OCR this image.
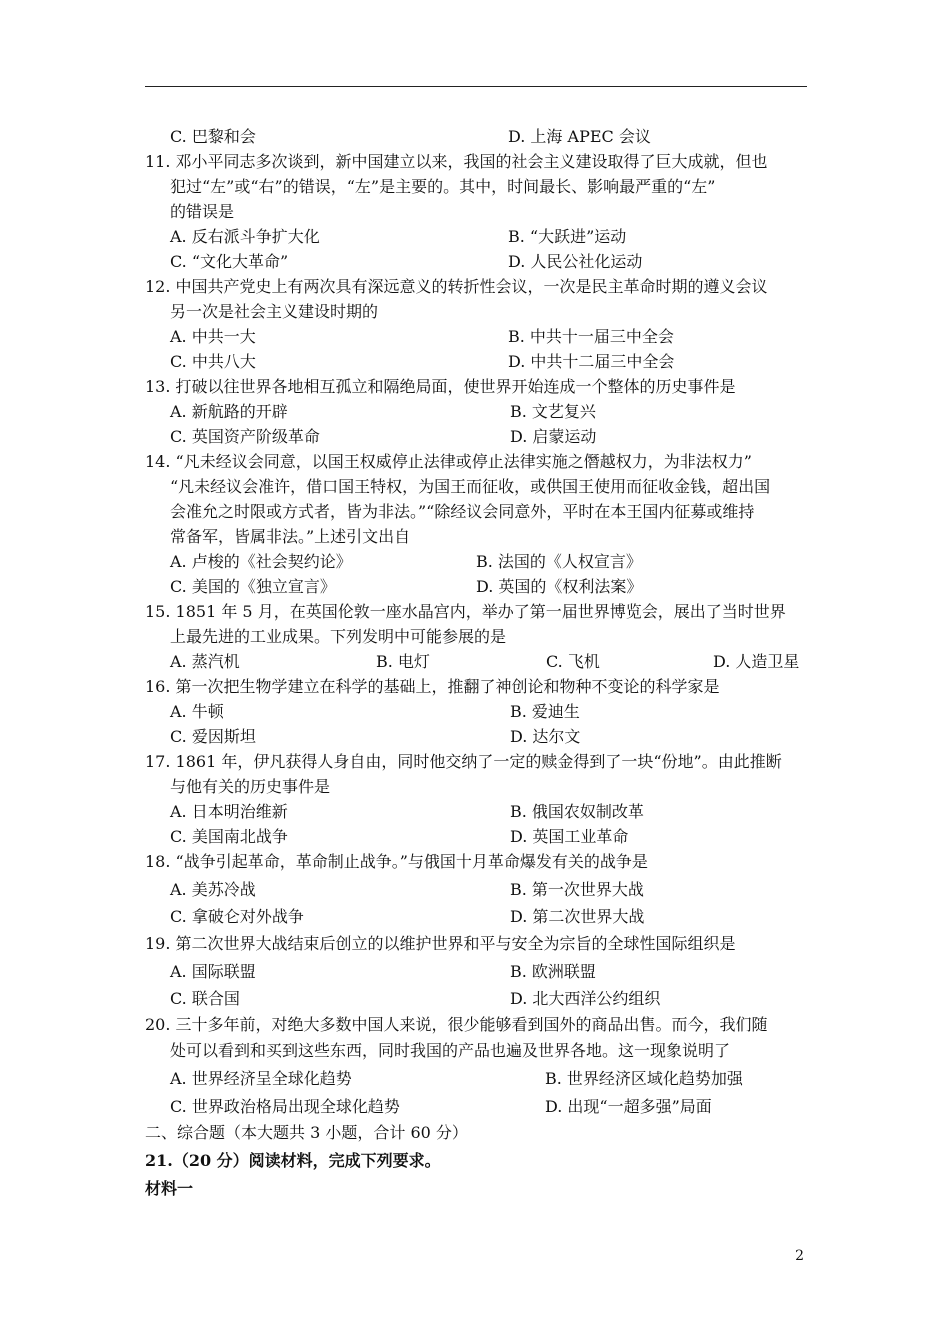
C. 巴黎和会	D. 上海 APEC 会议
11. 邓小平同志多次谈到，新中国建立以来，我国的社会主义建设取得了巨大成就，但也
犯过“左”或“右”的错误，“左”是主要的。其中，时间最长、影响最严重的“左”
的错误是
A. 反右派斗争扩大化	B. “大跃进”运动
C. “文化大革命”	D. 人民公社化运动
12. 中国共产党史上有两次具有深远意义的转折性会议，一次是民主革命时期的遵义会议
另一次是社会主义建设时期的
A. 中共一大	B. 中共十一届三中全会
C. 中共八大	D. 中共十二届三中全会
13. 打破以往世界各地相互孤立和隔绝局面，使世界开始连成一个整体的历史事件是
A. 新航路的开辟	B. 文艺复兴
C. 英国资产阶级革命	D. 启蒙运动
14. “凡未经议会同意，以国王权威停止法律或停止法律实施之僭越权力，为非法权力”
“凡未经议会准许，借口国王特权，为国王而征收，或供国王使用而征收金钱，超出国
会准允之时限或方式者，皆为非法。”“除经议会同意外，平时在本王国内征募或维持
常备军，皆属非法。”上述引文出自
A. 卢梭的《社会契约论》	B. 法国的《人权宣言》
C. 美国的《独立宣言》	D. 英国的《权利法案》
15. 1851 年 5 月，在英国伦敦一座水晶宫内，举办了第一届世界博览会，展出了当时世界
上最先进的工业成果。下列发明中可能参展的是
A. 蒸汽机	B. 电灯	C. 飞机	D. 人造卫星
16. 第一次把生物学建立在科学的基础上，推翻了神创论和物种不变论的科学家是
A. 牛顿	B. 爱迪生
C. 爱因斯坦	D. 达尔文
17. 1861 年，伊凡获得人身自由，同时他交纳了一定的赎金得到了一块“份地”。由此推断
与他有关的历史事件是
A. 日本明治维新	B. 俄国农奴制改革
C. 美国南北战争	D. 英国工业革命
18. “战争引起革命，革命制止战争。”与俄国十月革命爆发有关的战争是
A. 美苏冷战	B. 第一次世界大战
C. 拿破仑对外战争	D. 第二次世界大战
19. 第二次世界大战结束后创立的以维护世界和平与安全为宗旨的全球性国际组织是
A. 国际联盟	B. 欧洲联盟
C. 联合国	D. 北大西洋公约组织
20. 三十多年前，对绝大多数中国人来说，很少能够看到国外的商品出售。而今，我们随
处可以看到和买到这些东西，同时我国的产品也遍及世界各地。这一现象说明了
A. 世界经济呈全球化趋势	B. 世界经济区域化趋势加强
C. 世界政治格局出现全球化趋势	D. 出现“一超多强”局面
二、综合题（本大题共 3 小题，合计 60 分）
21.（20 分）阅读材料，完成下列要求。
材料一
2
